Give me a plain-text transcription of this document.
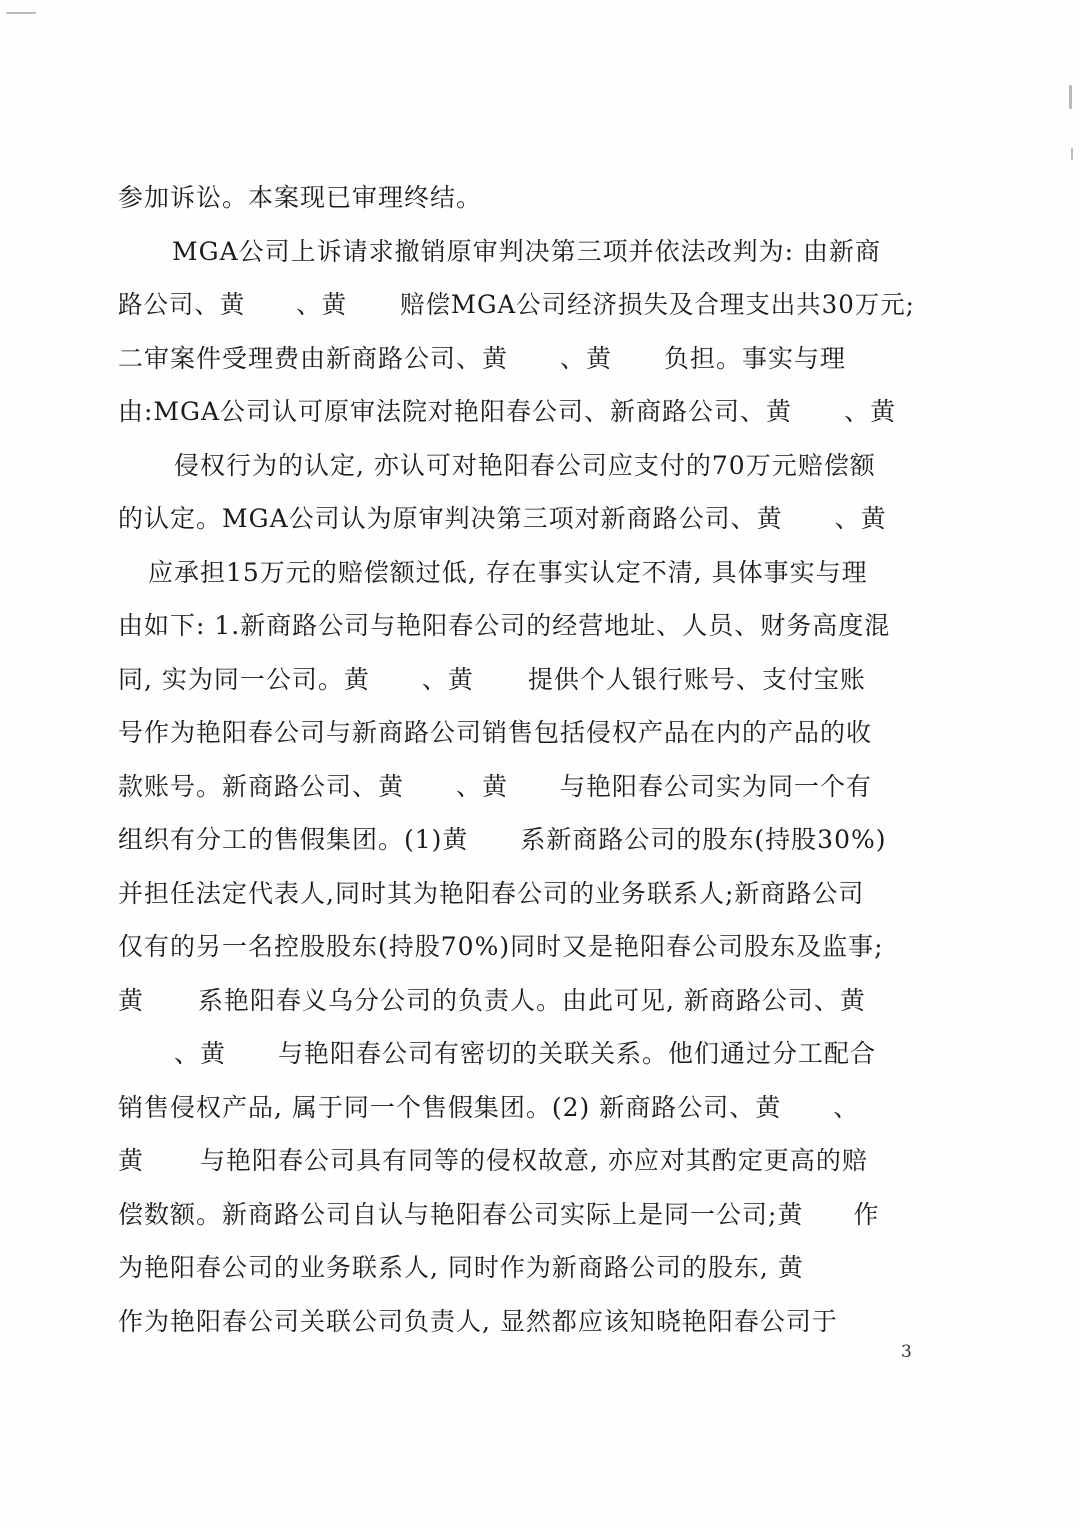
参加诉讼。本案现已审理终结。
MGA公司上诉请求撤销原审判决第三项并依法改判为: 由新商
路公司、黄 、黄 赔偿MGA公司经济损失及合理支出共30万元;
二审案件受理费由新商路公司、黄 、黄 负担。事实与理
由:MGA公司认可原审法院对艳阳春公司、新商路公司、黄 、黄
侵权行为的认定, 亦认可对艳阳春公司应支付的70万元赔偿额
的认定。MGA公司认为原审判决第三项对新商路公司、黄 、黄
应承担15万元的赔偿额过低, 存在事实认定不清, 具体事实与理
由如下: 1.新商路公司与艳阳春公司的经营地址、人员、财务高度混
同, 实为同一公司。黄 、黄 提供个人银行账号、支付宝账
号作为艳阳春公司与新商路公司销售包括侵权产品在内的产品的收
款账号。新商路公司、黄 、黄 与艳阳春公司实为同一个有
组织有分工的售假集团。(1)黄 系新商路公司的股东(持股30%)
并担任法定代表人,同时其为艳阳春公司的业务联系人;新商路公司
仅有的另一名控股股东(持股70%)同时又是艳阳春公司股东及监事;
黄 系艳阳春义乌分公司的负责人。由此可见, 新商路公司、黄
、黄 与艳阳春公司有密切的关联关系。他们通过分工配合
销售侵权产品, 属于同一个售假集团。(2) 新商路公司、黄 、
黄 与艳阳春公司具有同等的侵权故意, 亦应对其酌定更高的赔
偿数额。新商路公司自认与艳阳春公司实际上是同一公司;黄 作
为艳阳春公司的业务联系人, 同时作为新商路公司的股东, 黄
作为艳阳春公司关联公司负责人, 显然都应该知晓艳阳春公司于
3
